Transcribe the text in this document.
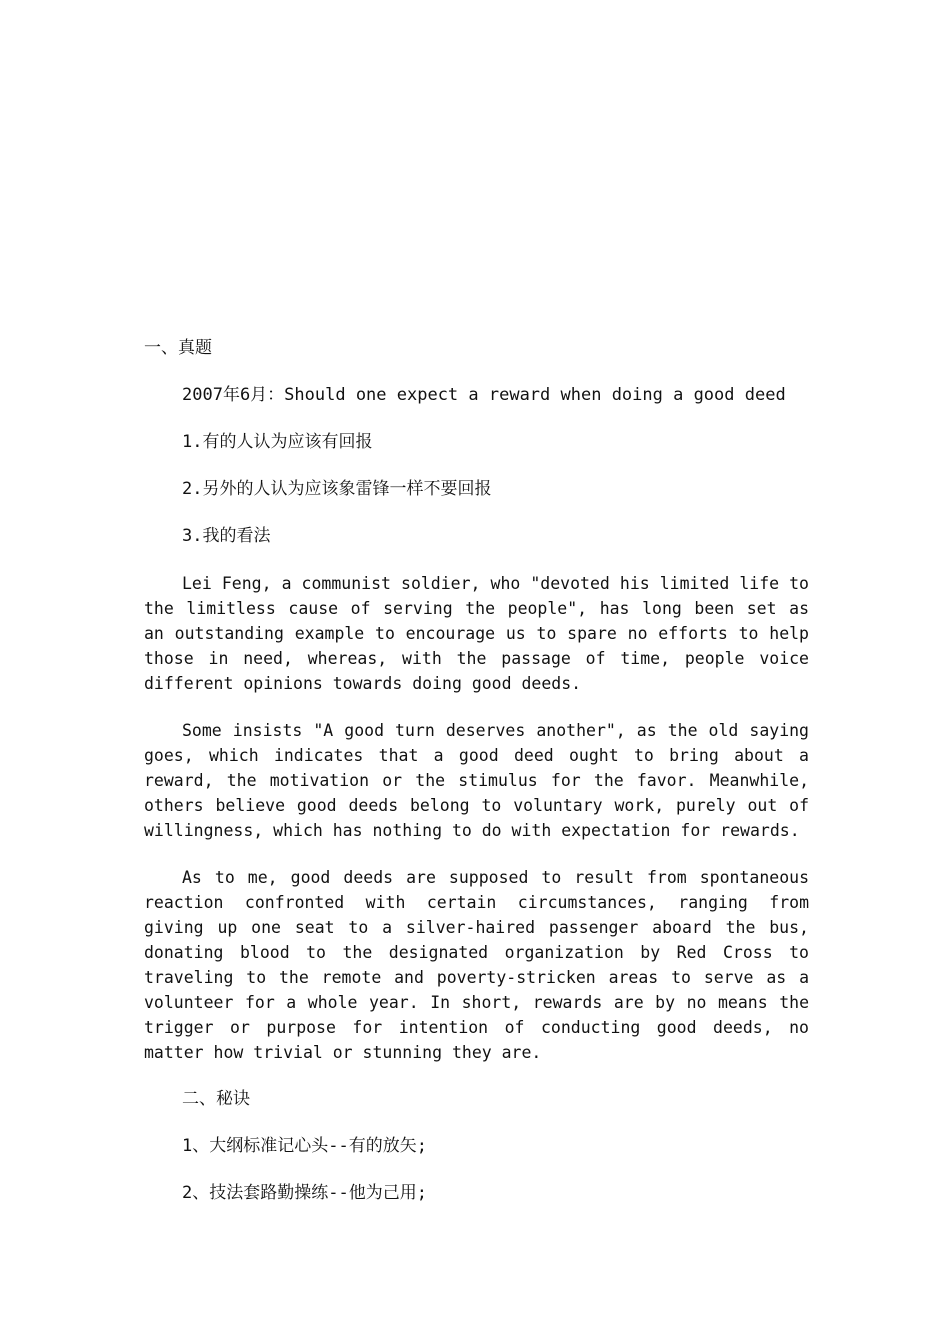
一、真题

2007年6月：Should one expect a reward when doing a good deed

1.有的人认为应该有回报

2.另外的人认为应该象雷锋一样不要回报

3.我的看法

Lei Feng, a communist soldier, who "devoted his limited life to the limitless cause of serving the people", has long been set as an outstanding example to encourage us to spare no efforts to help those in need, whereas, with the passage of time, people voice different opinions towards doing good deeds.

Some insists "A good turn deserves another", as the old saying goes, which indicates that a good deed ought to bring about a reward, the motivation or the stimulus for the favor. Meanwhile, others believe good deeds belong to voluntary work, purely out of willingness, which has nothing to do with expectation for rewards.

As to me, good deeds are supposed to result from spontaneous reaction confronted with certain circumstances, ranging from giving up one seat to a silver-haired passenger aboard the bus, donating blood to the designated organization by Red Cross to traveling to the remote and poverty-stricken areas to serve as a volunteer for a whole year. In short, rewards are by no means the trigger or purpose for intention of conducting good deeds, no matter how trivial or stunning they are.

二、秘诀

1、大纲标准记心头--有的放矢;

2、技法套路勤操练--他为己用;
